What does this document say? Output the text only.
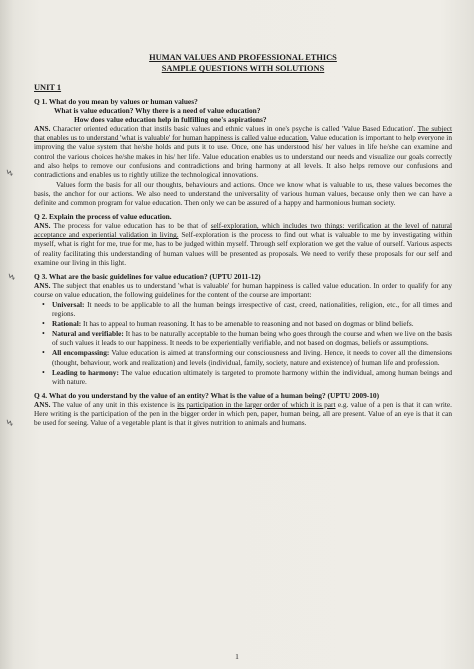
HUMAN VALUES AND PROFESSIONAL ETHICS
SAMPLE QUESTIONS WITH SOLUTIONS
UNIT 1
Q 1. What do you mean by values or human values?
What is value education? Why there is a need of value education?
How does value education help in fulfilling one's aspirations?

ANS. Character oriented education that instils basic values and ethnic values in one's psyche is called 'Value Based Education'. The subject that enables us to understand 'what is valuable' for human happiness is called value education. Value education is important to help everyone in improving the value system that he/she holds and puts it to use. Once, one has understood his/ her values in life he/she can examine and control the various choices he/she makes in his/ her life. Value education enables us to understand our needs and visualize our goals correctly and also helps to remove our confusions and contradictions and bring harmony at all levels. It also helps remove our confusions and contradictions and enables us to rightly utilize the technological innovations.

Values form the basis for all our thoughts, behaviours and actions. Once we know what is valuable to us, these values becomes the basis, the anchor for our actions. We also need to understand the universality of various human values, because only then we can have a definite and common program for value education. Then only we can be assured of a happy and harmonious human society.

Q 2. Explain the process of value education.

ANS. The process for value education has to be that of self-exploration, which includes two things: verification at the level of natural acceptance and experiential validation in living. Self-exploration is the process to find out what is valuable to me by investigating within myself, what is right for me, true for me, has to be judged within myself. Through self exploration we get the value of ourself. Various aspects of reality facilitating this understanding of human values will be presented as proposals. We need to verify these proposals for our self and examine our living in this light.

Q 3. What are the basic guidelines for value education? (UPTU 2011-12)

ANS. The subject that enables us to understand 'what is valuable' for human happiness is called value education. In order to qualify for any course on value education, the following guidelines for the content of the course are important:

• Universal: It needs to be applicable to all the human beings irrespective of cast, creed, nationalities, religion, etc., for all times and regions.
• Rational: It has to appeal to human reasoning. It has to be amenable to reasoning and not based on dogmas or blind beliefs.
• Natural and verifiable: It has to be naturally acceptable to the human being who goes through the course and when we live on the basis of such values it leads to our happiness. It needs to be experientially verifiable, and not based on dogmas, beliefs or assumptions.
• All encompassing: Value education is aimed at transforming our consciousness and living. Hence, it needs to cover all the dimensions (thought, behaviour, work and realization) and levels (individual, family, society, nature and existence) of human life and profession.
• Leading to harmony: The value education ultimately is targeted to promote harmony within the individual, among human beings and with nature.
Q 4. What do you understand by the value of an entity? What is the value of a human being? (UPTU 2009-10)

ANS. The value of any unit in this existence is its participation in the larger order of which it is part e.g. value of a pen is that it can write. Here writing is the participation of the pen in the bigger order in which pen, paper, human being, all are present. Value of an eye is that it can be used for seeing. Value of a vegetable plant is that it gives nutrition to animals and humans.

1
↯
↯
↯
